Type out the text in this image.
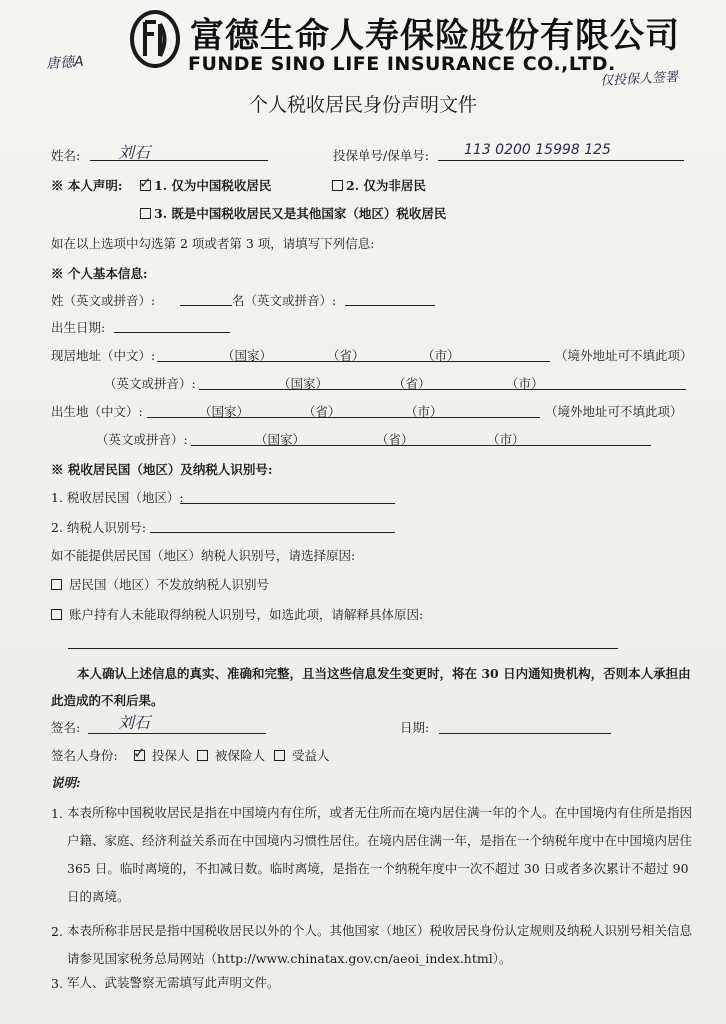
富德生命人寿保险股份有限公司
FUNDE SINO LIFE INSURANCE CO.,LTD.
唐德A
仅投保人签署
个人税收居民身份声明文件
姓名: 刘石	投保单号/保单号:	113 0200 15998 125
※ 本人声明: ✓ 1. 仅为中国税收居民	2. 仅为非居民
3. 既是中国税收居民又是其他国家（地区）税收居民
如在以上选项中勾选第 2 项或者第 3 项，请填写下列信息:
※ 个人基本信息:
姓（英文或拼音）:	名（英文或拼音）:
出生日期:
现居地址（中文）:	（国家）	（省）	（市）	（境外地址可不填此项）
（英文或拼音）:	（国家）	（省）	（市）
出生地（中文）:	（国家）	（省）	（市）	（境外地址可不填此项）
（英文或拼音）:	（国家）	（省）	（市）
※ 税收居民国（地区）及纳税人识别号:
1. 税收居民国（地区）:
2. 纳税人识别号:
如不能提供居民国（地区）纳税人识别号，请选择原因:
居民国（地区）不发放纳税人识别号
账户持有人未能取得纳税人识别号，如选此项，请解释具体原因:
本人确认上述信息的真实、准确和完整，且当这些信息发生变更时，将在 30 日内通知贵机构，否则本人承担由此造成的不利后果。
签名: 刘石	日期:
签名人身份: ✓ 投保人	被保险人	受益人
说明:
1. 本表所称中国税收居民是指在中国境内有住所，或者无住所而在境内居住满一年的个人。在中国境内有住所是指因户籍、家庭、经济利益关系而在中国境内习惯性居住。在境内居住满一年，是指在一个纳税年度中在中国境内居住 365 日。临时离境的，不扣减日数。临时离境，是指在一个纳税年度中一次不超过 30 日或者多次累计不超过 90 日的离境。
2. 本表所称非居民是指中国税收居民以外的个人。其他国家（地区）税收居民身份认定规则及纳税人识别号相关信息请参见国家税务总局网站（http://www.chinatax.gov.cn/aeoi_index.html）。
3. 军人、武装警察无需填写此声明文件。
